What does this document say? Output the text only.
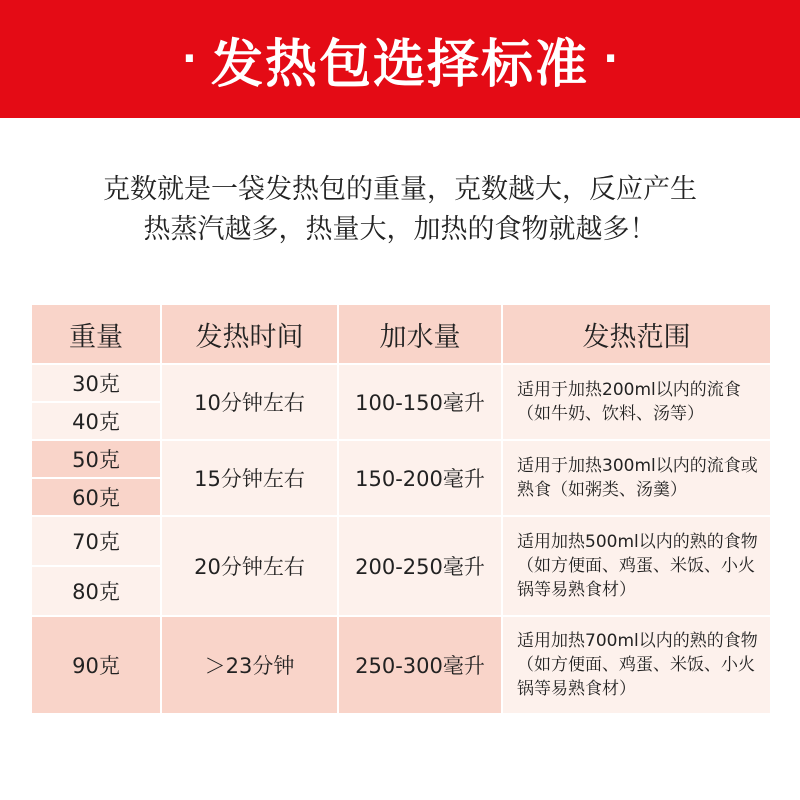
· 发热包选择标准 ·
克数就是一袋发热包的重量，克数越大，反应产生
热蒸汽越多，热量大，加热的食物就越多！
重量	发热时间	加水量	发热范围
30克	10分钟左右	100-150毫升	适用于加热200ml以内的流食（如牛奶、饮料、汤等）
40克			
50克	15分钟左右	150-200毫升	适用于加热300ml以内的流食或熟食（如粥类、汤羹）
60克			
70克	20分钟左右	200-250毫升	适用加热500ml以内的熟的食物（如方便面、鸡蛋、米饭、小火锅等易熟食材）
80克			
90克	＞23分钟	250-300毫升	适用加热700ml以内的熟的食物（如方便面、鸡蛋、米饭、小火锅等易熟食材）
